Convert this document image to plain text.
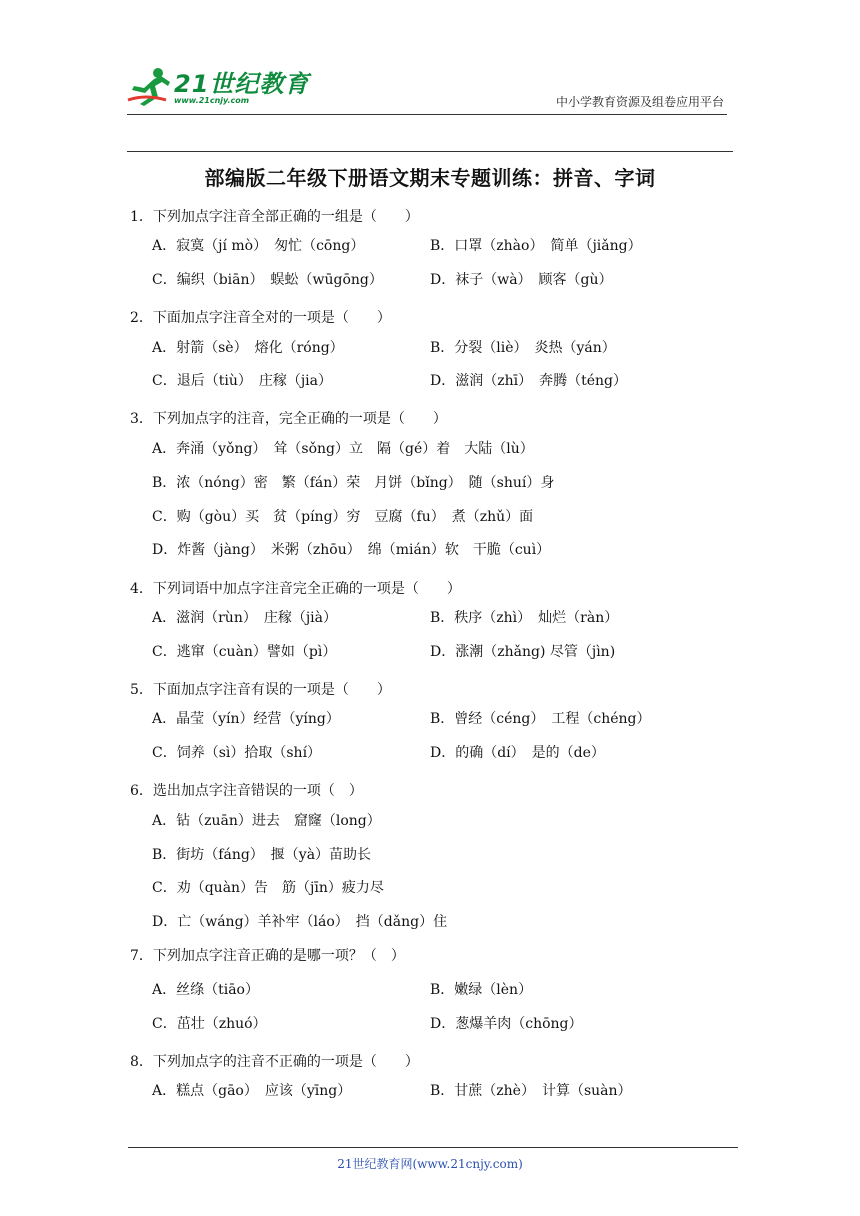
21世纪教育
www.21cnjy.com	中小学教育资源及组卷应用平台
部编版二年级下册语文期末专题训练：拼音、字词
1．下列加点字注音全部正确的一组是（　　）
A．寂寞（jí mò）　匆忙（cōng）	B．口罩（zhào）　简单（jiǎng）
C．编织（biān）　蜈蚣（wūgōng）	D．袜子（wà）　顾客（gù）
2．下面加点字注音全对的一项是（　　）
A．射箭（sè）　熔化（róng）	B．分裂（liè）　炎热（yán）
C．退后（tiù）　庄稼（jia）	D．滋润（zhī）　奔腾（téng）
3．下列加点字的注音，完全正确的一项是（　　）
A．奔涌（yǒng）　耸（sǒng）立　隔（gé）着　大陆（lù）
B．浓（nóng）密　繁（fán）荣　月饼（bǐng）　随（shuí）身
C．购（gòu）买　贫（píng）穷　豆腐（fu）　煮（zhǔ）面
D．炸酱（jàng）　米粥（zhōu）　绵（mián）软　干脆（cuì）
4．下列词语中加点字注音完全正确的一项是（　　）
A．滋润（rùn）　庄稼（jià）	B．秩序（zhì）　灿烂（ràn）
C．逃窜（cuàn）譬如（pì）	D．涨潮（zhǎng) 尽管（jìn)
5．下面加点字注音有误的一项是（　　）
A．晶莹（yín）经营（yíng）	B．曾经（céng）　工程（chéng）
C．饲养（sì）拾取（shí）	D．的确（dí）　是的（de）
6．选出加点字注音错误的一项（　）
A．钻（zuān）进去　窟窿（long）
B．街坊（fáng）　揠（yà）苗助长
C．劝（quàn）告　筋（jīn）疲力尽
D．亡（wáng）羊补牢（láo）　挡（dǎng）住
7．下列加点字注音正确的是哪一项？（　）
A．丝绦（tiāo）	B．嫩绿（lèn）
C．茁壮（zhuó）	D．葱爆羊肉（chōng）
8．下列加点字的注音不正确的一项是（　　）
A．糕点（gāo）　应该（yīng）	B．甘蔗（zhè）　计算（suàn）
21世纪教育网(www.21cnjy.com)
